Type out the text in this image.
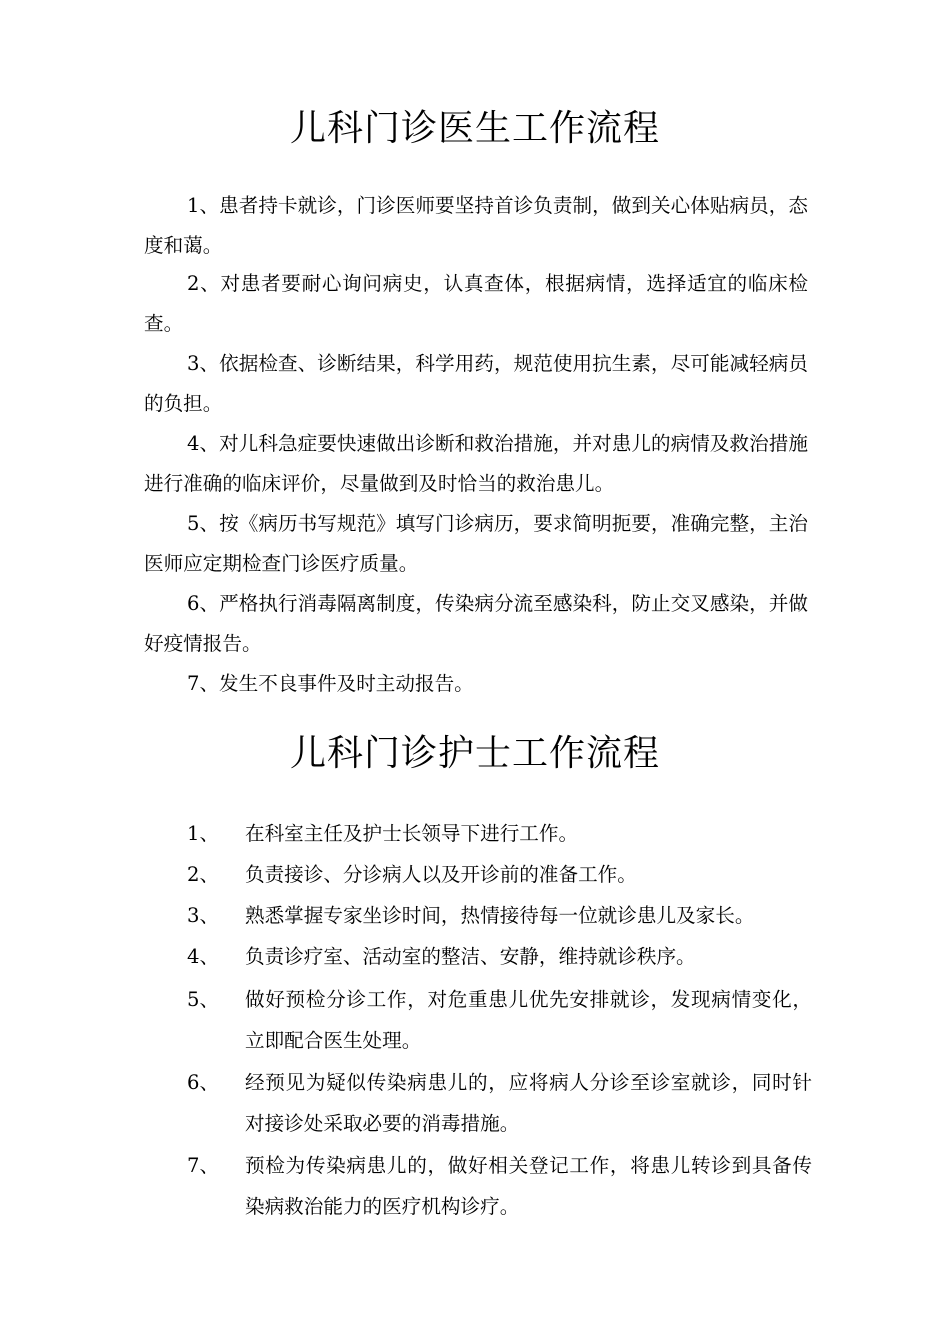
儿科门诊医生工作流程

1、患者持卡就诊，门诊医师要坚持首诊负责制，做到关心体贴病员，态度和蔼。

2、对患者要耐心询问病史，认真查体，根据病情，选择适宜的临床检查。

3、依据检查、诊断结果，科学用药，规范使用抗生素，尽可能减轻病员的负担。

4、对儿科急症要快速做出诊断和救治措施，并对患儿的病情及救治措施进行准确的临床评价，尽量做到及时恰当的救治患儿。

5、按《病历书写规范》填写门诊病历，要求简明扼要，准确完整，主治医师应定期检查门诊医疗质量。

6、严格执行消毒隔离制度，传染病分流至感染科，防止交叉感染，并做好疫情报告。

7、发生不良事件及时主动报告。

儿科门诊护士工作流程
1、 在科室主任及护士长领导下进行工作。
2、 负责接诊、分诊病人以及开诊前的准备工作。
3、 熟悉掌握专家坐诊时间，热情接待每一位就诊患儿及家长。
4、 负责诊疗室、活动室的整洁、安静，维持就诊秩序。
5、 做好预检分诊工作，对危重患儿优先安排就诊，发现病情变化，立即配合医生处理。
6、 经预见为疑似传染病患儿的，应将病人分诊至诊室就诊，同时针对接诊处采取必要的消毒措施。
7、 预检为传染病患儿的，做好相关登记工作，将患儿转诊到具备传染病救治能力的医疗机构诊疗。
